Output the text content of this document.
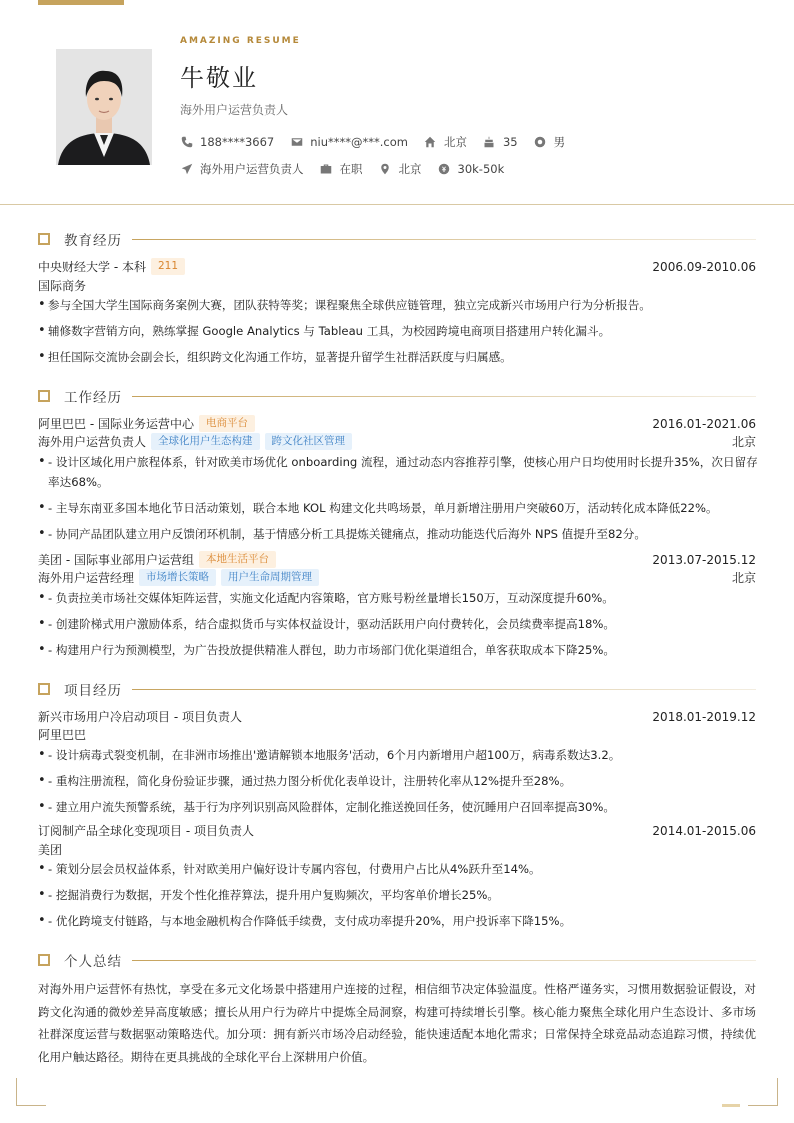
AMAZING RESUME
牛敬业
海外用户运营负责人
188****3667	niu****@***.com	北京	35	男
海外用户运营负责人	在职	北京	30k-50k
教育经历
中央财经大学 - 本科	211	2006.09-2010.06
国际商务
• 参与全国大学生国际商务案例大赛，团队获特等奖；课程聚焦全球供应链管理，独立完成新兴市场用户行为分析报告。
• 辅修数字营销方向，熟练掌握 Google Analytics 与 Tableau 工具，为校园跨境电商项目搭建用户转化漏斗。
• 担任国际交流协会副会长，组织跨文化沟通工作坊，显著提升留学生社群活跃度与归属感。
工作经历
阿里巴巴 - 国际业务运营中心	电商平台	2016.01-2021.06
海外用户运营负责人	全球化用户生态构建	跨文化社区管理	北京
• - 设计区域化用户旅程体系，针对欧美市场优化 onboarding 流程，通过动态内容推荐引擎，使核心用户日均使用时长提升35%，次日留存率达68%。
• - 主导东南亚多国本地化节日活动策划，联合本地 KOL 构建文化共鸣场景，单月新增注册用户突破60万，活动转化成本降低22%。
• - 协同产品团队建立用户反馈闭环机制，基于情感分析工具提炼关键痛点，推动功能迭代后海外 NPS 值提升至82分。
美团 - 国际事业部用户运营组	本地生活平台	2013.07-2015.12
海外用户运营经理	市场增长策略	用户生命周期管理	北京
• - 负责拉美市场社交媒体矩阵运营，实施文化适配内容策略，官方账号粉丝量增长150万，互动深度提升60%。
• - 创建阶梯式用户激励体系，结合虚拟货币与实体权益设计，驱动活跃用户向付费转化，会员续费率提高18%。
• - 构建用户行为预测模型，为广告投放提供精准人群包，助力市场部门优化渠道组合，单客获取成本下降25%。
项目经历
新兴市场用户冷启动项目 - 项目负责人	2018.01-2019.12
阿里巴巴
• - 设计病毒式裂变机制，在非洲市场推出'邀请解锁本地服务'活动，6个月内新增用户超100万，病毒系数达3.2。
• - 重构注册流程，简化身份验证步骤，通过热力图分析优化表单设计，注册转化率从12%提升至28%。
• - 建立用户流失预警系统，基于行为序列识别高风险群体，定制化推送挽回任务，使沉睡用户召回率提高30%。
订阅制产品全球化变现项目 - 项目负责人	2014.01-2015.06
美团
• - 策划分层会员权益体系，针对欧美用户偏好设计专属内容包，付费用户占比从4%跃升至14%。
• - 挖掘消费行为数据，开发个性化推荐算法，提升用户复购频次，平均客单价增长25%。
• - 优化跨境支付链路，与本地金融机构合作降低手续费，支付成功率提升20%，用户投诉率下降15%。
个人总结
对海外用户运营怀有热忱，享受在多元文化场景中搭建用户连接的过程，相信细节决定体验温度。性格严谨务实，习惯用数据验证假设，对跨文化沟通的微妙差异高度敏感；擅长从用户行为碎片中提炼全局洞察，构建可持续增长引擎。核心能力聚焦全球化用户生态设计、多市场社群深度运营与数据驱动策略迭代。加分项：拥有新兴市场冷启动经验，能快速适配本地化需求；日常保持全球竞品动态追踪习惯，持续优化用户触达路径。期待在更具挑战的全球化平台上深耕用户价值。
